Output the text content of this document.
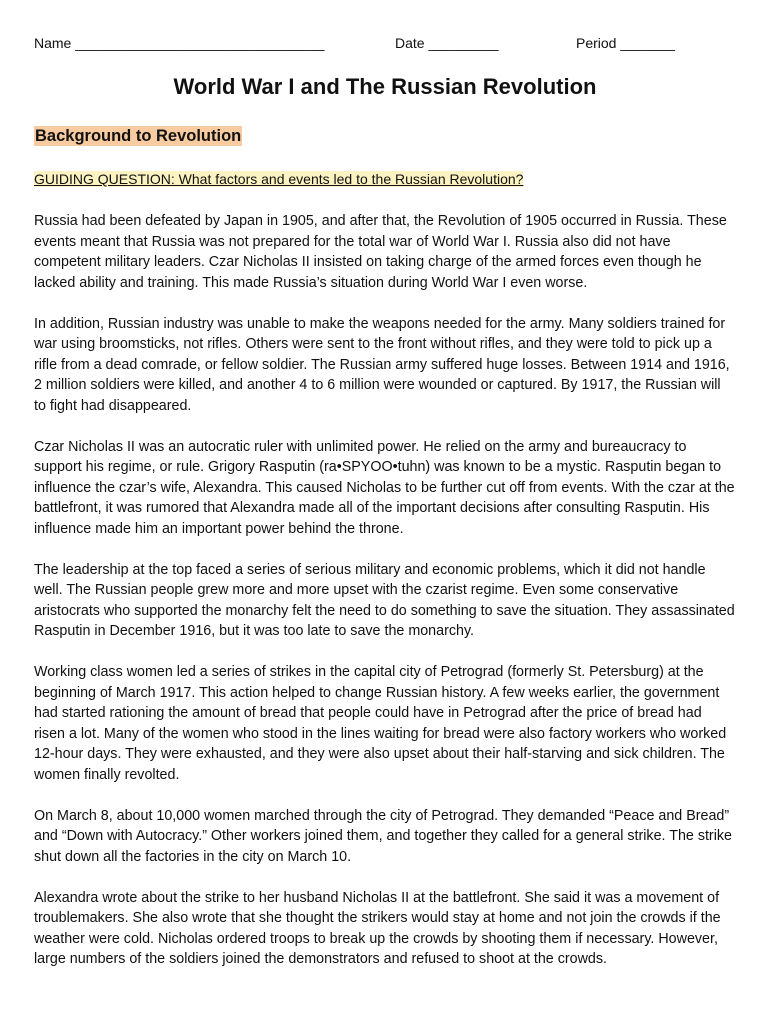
Name ________________________________	Date _________	Period _______
World War I and The Russian Revolution
Background to Revolution

GUIDING QUESTION: What factors and events led to the Russian Revolution?

Russia had been defeated by Japan in 1905, and after that, the Revolution of 1905 occurred in Russia. These events meant that Russia was not prepared for the total war of World War I. Russia also did not have competent military leaders. Czar Nicholas II insisted on taking charge of the armed forces even though he lacked ability and training. This made Russia’s situation during World War I even worse.

In addition, Russian industry was unable to make the weapons needed for the army. Many soldiers trained for war using broomsticks, not rifles. Others were sent to the front without rifles, and they were told to pick up a rifle from a dead comrade, or fellow soldier. The Russian army suffered huge losses. Between 1914 and 1916, 2 million soldiers were killed, and another 4 to 6 million were wounded or captured. By 1917, the Russian will to fight had disappeared.

Czar Nicholas II was an autocratic ruler with unlimited power. He relied on the army and bureaucracy to support his regime, or rule. Grigory Rasputin (ra•SPYOO•tuhn) was known to be a mystic. Rasputin began to influence the czar’s wife, Alexandra. This caused Nicholas to be further cut off from events. With the czar at the battlefront, it was rumored that Alexandra made all of the important decisions after consulting Rasputin. His influence made him an important power behind the throne.

The leadership at the top faced a series of serious military and economic problems, which it did not handle well. The Russian people grew more and more upset with the czarist regime. Even some conservative aristocrats who supported the monarchy felt the need to do something to save the situation. They assassinated Rasputin in December 1916, but it was too late to save the monarchy.

Working class women led a series of strikes in the capital city of Petrograd (formerly St. Petersburg) at the beginning of March 1917. This action helped to change Russian history. A few weeks earlier, the government had started rationing the amount of bread that people could have in Petrograd after the price of bread had risen a lot. Many of the women who stood in the lines waiting for bread were also factory workers who worked 12-hour days. They were exhausted, and they were also upset about their half-starving and sick children. The women finally revolted.

On March 8, about 10,000 women marched through the city of Petrograd. They demanded “Peace and Bread” and “Down with Autocracy.” Other workers joined them, and together they called for a general strike. The strike shut down all the factories in the city on March 10.

Alexandra wrote about the strike to her husband Nicholas II at the battlefront. She said it was a movement of troublemakers. She also wrote that she thought the strikers would stay at home and not join the crowds if the weather were cold. Nicholas ordered troops to break up the crowds by shooting them if necessary. However, large numbers of the soldiers joined the demonstrators and refused to shoot at the crowds.
